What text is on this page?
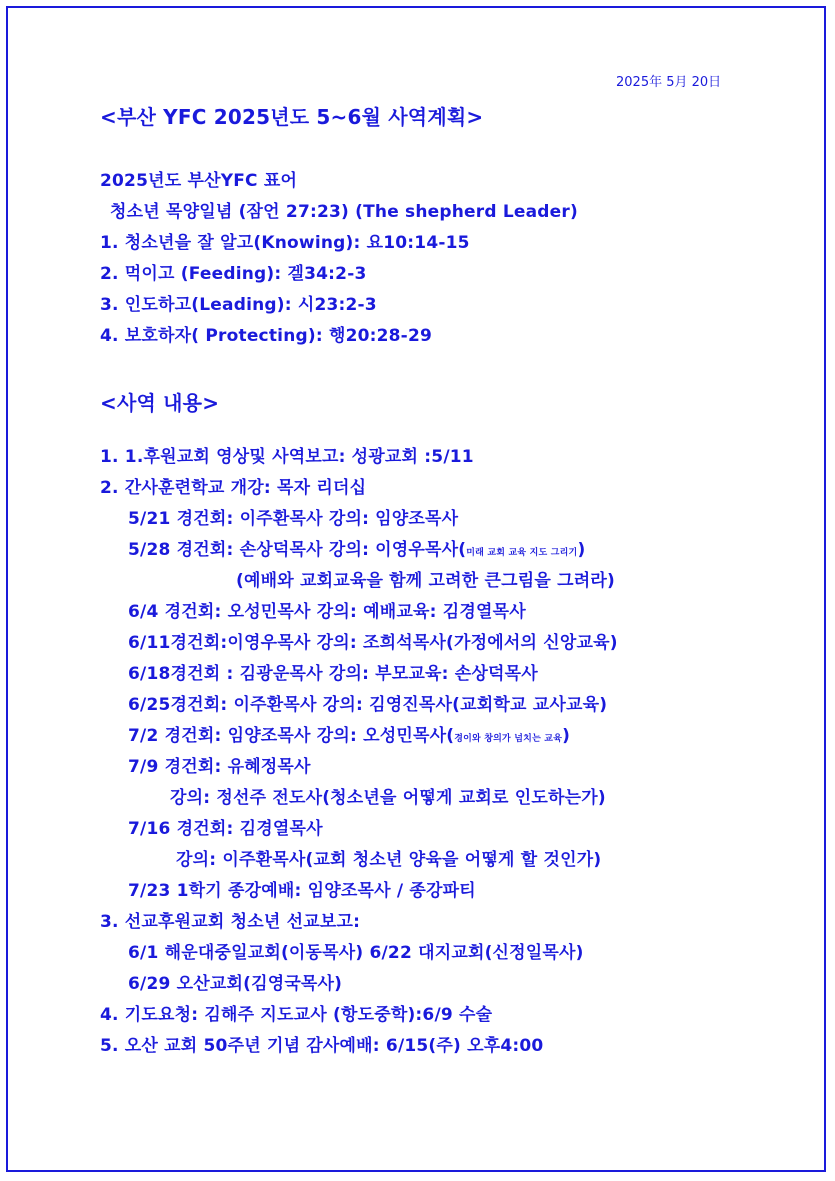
2025年 5月 20日
<부산 YFC 2025년도 5~6월 사역계획>
2025년도 부산YFC 표어
청소년 목양일념 (잠언 27:23) (The shepherd Leader)
1. 청소년을 잘 알고(Knowing): 요10:14-15
2. 먹이고 (Feeding): 겔34:2-3
3. 인도하고(Leading): 시23:2-3
4. 보호하자( Protecting): 행20:28-29
<사역 내용>
1. 1.후원교회 영상및 사역보고: 성광교회 :5/11
2. 간사훈련학교 개강: 목자 리더십
5/21 경건회: 이주환목사 강의: 임양조목사
5/28 경건회: 손상덕목사 강의: 이영우목사(미래 교회 교육 지도 그리기)
(예배와 교회교육을 함께 고려한 큰그림을 그려라)
6/4 경건회: 오성민목사 강의: 예배교육: 김경열목사
6/11경건회:이영우목사 강의: 조희석목사(가정에서의 신앙교육)
6/18경건회 : 김광운목사 강의: 부모교육: 손상덕목사
6/25경건회: 이주환목사 강의: 김영진목사(교회학교 교사교육)
7/2 경건회: 임양조목사 강의: 오성민목사(경이와 창의가 넘치는 교육)
7/9 경건회: 유혜정목사
강의: 정선주 전도사(청소년을 어떻게 교회로 인도하는가)
7/16 경건회: 김경열목사
강의: 이주환목사(교회 청소년 양육을 어떻게 할 것인가)
7/23 1학기 종강예배: 임양조목사 / 종강파티
3. 선교후원교회 청소년 선교보고:
6/1 해운대중일교회(이동목사) 6/22 대지교회(신정일목사)
6/29 오산교회(김영국목사)
4. 기도요청: 김해주 지도교사 (항도중학):6/9 수술
5. 오산 교회 50주년 기념 감사예배: 6/15(주) 오후4:00
